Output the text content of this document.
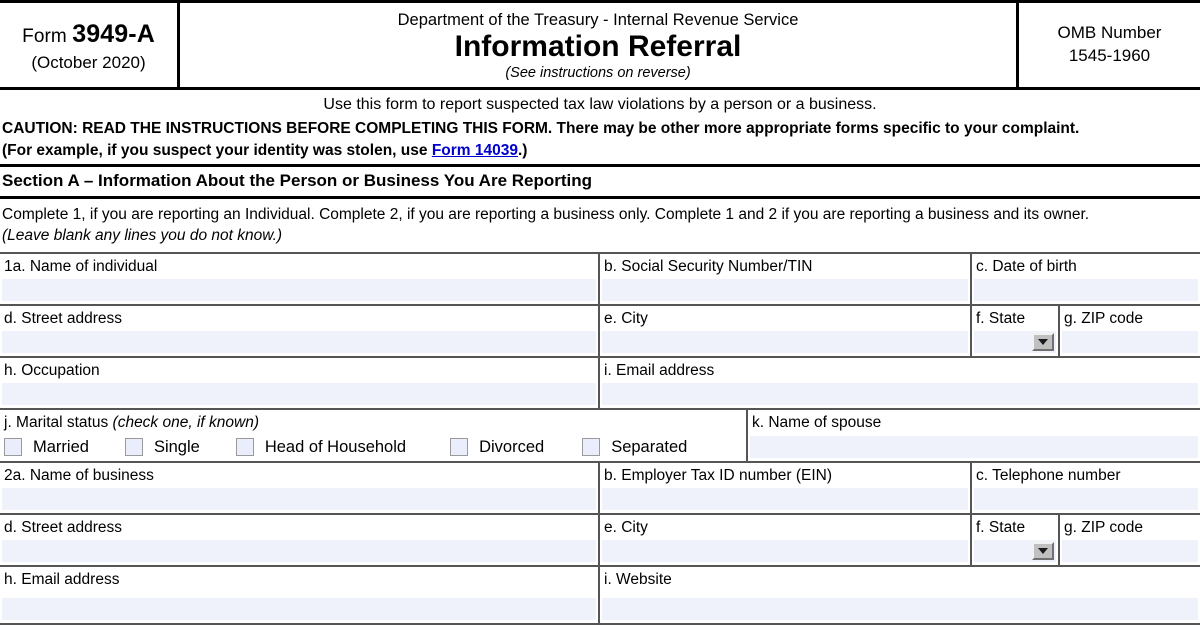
Form 3949-A
(October 2020)
Department of the Treasury - Internal Revenue Service
Information Referral
(See instructions on reverse)
OMB Number
1545-1960
Use this form to report suspected tax law violations by a person or a business.
CAUTION: READ THE INSTRUCTIONS BEFORE COMPLETING THIS FORM. There may be other more appropriate forms specific to your complaint.
(For example, if you suspect your identity was stolen, use Form 14039.)
Section A – Information About the Person or Business You Are Reporting
Complete 1, if you are reporting an Individual. Complete 2, if you are reporting a business only. Complete 1 and 2 if you are reporting a business and its owner.
(Leave blank any lines you do not know.)
1a. Name of individual	b. Social Security Number/TIN	c. Date of birth
d. Street address	e. City	f. State	g. ZIP code
h. Occupation	i. Email address
j. Marital status (check one, if known)
Married	Single	Head of Household	Divorced	Separated
k. Name of spouse
2a. Name of business	b. Employer Tax ID number (EIN)	c. Telephone number
d. Street address	e. City	f. State	g. ZIP code
h. Email address	i. Website
